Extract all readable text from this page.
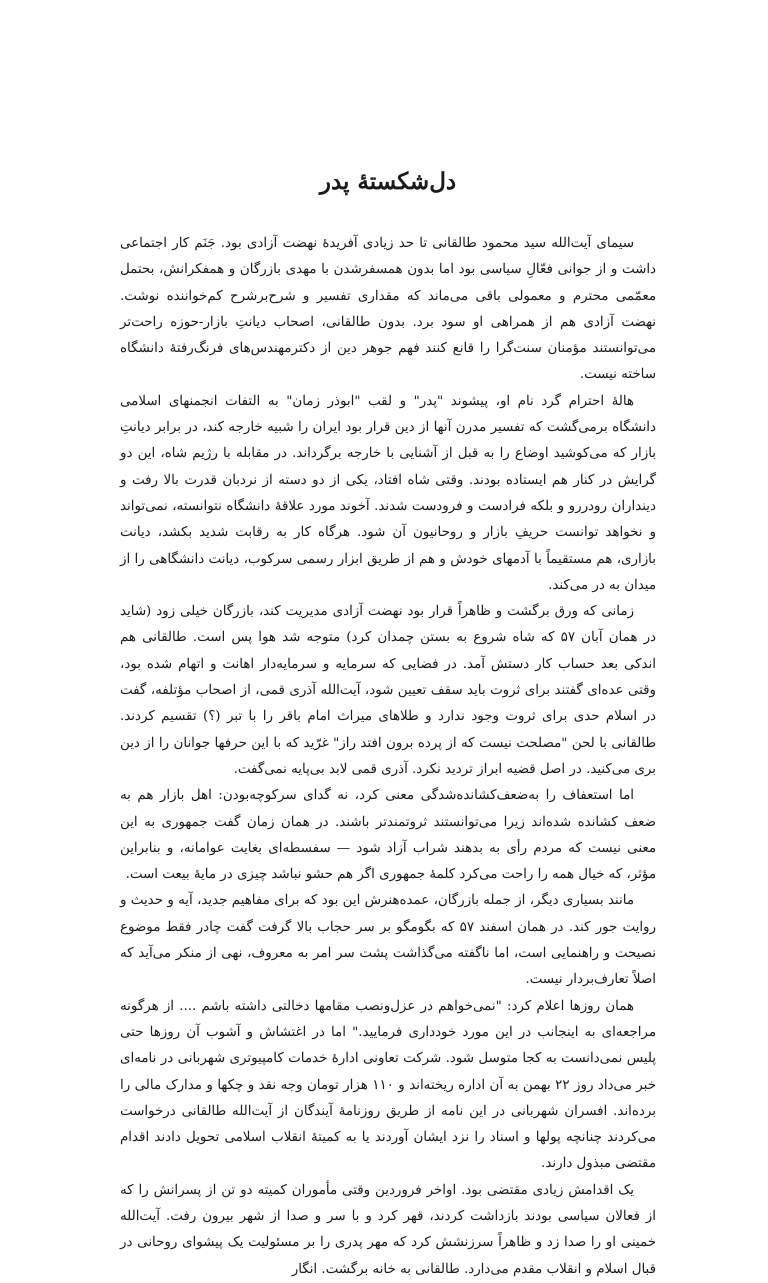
دل‌شکستهٔ پدر

سیمای آیت‌الله سید محمود طالقانی تا حد زیادی آفریدهٔ نهضت آزادی بود. جَنَم کار اجتماعی داشت و از جوانی فعّالِ سیاسی بود اما بدون همسفرشدن با مهدی بازرگان و همفکرانش، بحتمل معمّمی محترم و معمولی باقی می‌ماند که مقداری تفسیر و شرح‌برشرح کم‌خواننده نوشت. نهضت آزادی هم از همراهی او سود برد. بدون طالقانی، اصحاب دیانتِ بازار-حوزه راحت‌تر می‌توانستند مؤمنان سنت‌گرا را قانع کنند فهم جوهر دین از دکترمهندس‌های فرنگ‌رفتهٔ دانشگاه ساخته نیست.

هالهٔ احترام گرد نام او، پیشوند "پدر" و لقب "ابوذر زمان" به التفات انجمنهای اسلامی دانشگاه برمی‌گشت که تفسیر مدرن آنها از دین قرار بود ایران را شبیه خارجه کند، در برابر دیانتِ بازار که می‌کوشید اوضاع را به قبل از آشنایی با خارجه برگرداند. در مقابله با رژیم شاه، این دو گرایش در کنار هم ایستاده بودند. وقتی شاه افتاد، یکی از دو دسته از نردبان قدرت بالا رفت و دینداران رودررو و بلکه فرادست و فرودست شدند. آخوند مورد علاقهٔ دانشگاه نتوانسته، نمی‌تواند و نخواهد توانست حریفِ بازار و روحانیون آن شود. هرگاه کار به رقابت شدید بکشد، دیانت بازاری، هم مستقیماً با آدمهای خودش و هم از طریق ابزار رسمی سرکوب، دیانت دانشگاهی را از میدان به در می‌کند.

زمانی که ورق برگشت و ظاهراً قرار بود نهضت آزادی مدیریت کند، بازرگان خیلی زود (شاید در همان آبان ۵۷ که شاه شروع به بستن چمدان کرد) متوجه شد هوا پس است. طالقانی هم اندکی بعد حساب کار دستش آمد. در فضایی که سرمایه و سرمایه‌دار اهانت و اتهام شده بود، وقتی عده‌ای گفتند برای ثروت باید سقف تعیین شود، آیت‌الله آذری قمی، از اصحاب مؤتلفه، گفت در اسلام حدی برای ثروت وجود ندارد و طلاهای میراث امام باقر را با تبر (؟) تقسیم کردند. طالقانی با لحن "مصلحت نیست که از پرده برون افتد راز" غرّید که با این حرفها جوانان را از دین بری می‌کنید. در اصل قضیه ابراز تردید نکرد. آذری قمی لابد بی‌پایه نمی‌گفت.

اما استعفاف را به‌ضعف‌کشانده‌شدگی معنی کرد، نه گدای سرکوچه‌بودن: اهل بازار هم به ضعف کشانده شده‌اند زیرا می‌توانستند ثروتمندتر باشند. در همان زمان گفت جمهوری به این معنی نیست که مردم رأی به بدهند شراب آزاد شود — سفسطه‌ای بغایت عوامانه، و بنابراین مؤثر، که خیال همه را راحت می‌کرد کلمهٔ جمهوری اگر هم حشو نباشد چیزی در مایهٔ بیعت است.

مانند بسیاری دیگر، از جمله بازرگان، عمده‌هنرش این بود که برای مفاهیم جدید، آیه و حدیث و روایت جور کند. در همان اسفند ۵۷ که بگومگو بر سر حجاب بالا گرفت گفت چادر فقط موضوع نصیحت و راهنمایی است، اما ناگفته می‌گذاشت پشت سر امر به معروف، نهی از منکر می‌آید که اصلاً تعارف‌بردار نیست.

همان روزها اعلام کرد: "نمی‌خواهم در عزل‌ونصب مقامها دخالتی داشته باشم .... از هرگونه مراجعه‌ای به اینجانب در این مورد خودداری فرمایید." اما در اغتشاش و آشوب آن روزها حتی پلیس نمی‌دانست به کجا متوسل شود. شرکت تعاونی ادارهٔ خدمات کامپیوتری شهربانی در نامه‌ای خبر می‌داد روز ۲۲ بهمن به آن اداره ریخته‌اند و ۱۱۰ هزار تومان وجه نقد و چکها و مدارک مالی را برده‌اند. افسران شهربانی در این نامه از طریق روزنامهٔ آیندگان از آیت‌الله طالقانی درخواست می‌کردند چنانچه پولها و اسناد را نزد ایشان آوردند یا به کمیتهٔ انقلاب اسلامی تحویل دادند اقدام مقتضی مبذول دارند.

یک اقدامش زیادی مقتضی بود. اواخر فروردین وقتی مأموران کمیته دو تن از پسرانش را که از فعالان سیاسی بودند بازداشت کردند، قهر کرد و با سر و صدا از شهر بیرون رفت. آیت‌الله خمینی او را صدا زد و ظاهراً سرزنشش کرد که مهر پدری را بر مسئولیت یک پیشوای روحانی در قبال اسلام و انقلاب مقدم می‌دارد. طالقانی به خانه برگشت. انگار
